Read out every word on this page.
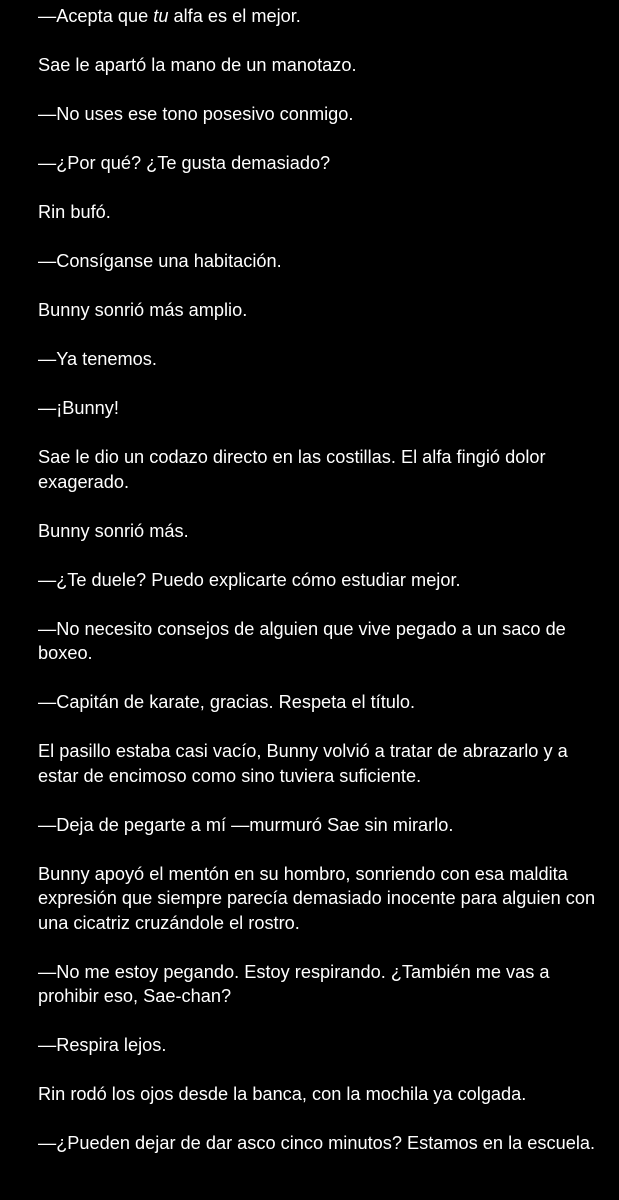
—Acepta que tu alfa es el mejor.

Sae le apartó la mano de un manotazo.

—No uses ese tono posesivo conmigo.

—¿Por qué? ¿Te gusta demasiado?

Rin bufó.

—Consíganse una habitación.

Bunny sonrió más amplio.

—Ya tenemos.

—¡Bunny!

Sae le dio un codazo directo en las costillas. El alfa fingió dolor exagerado.

Bunny sonrió más.

—¿Te duele? Puedo explicarte cómo estudiar mejor.

—No necesito consejos de alguien que vive pegado a un saco de boxeo.

—Capitán de karate, gracias. Respeta el título.

El pasillo estaba casi vacío, Bunny volvió a tratar de abrazarlo y a estar de encimoso como sino tuviera suficiente.

—Deja de pegarte a mí —murmuró Sae sin mirarlo.

Bunny apoyó el mentón en su hombro, sonriendo con esa maldita expresión que siempre parecía demasiado inocente para alguien con una cicatriz cruzándole el rostro.

—No me estoy pegando. Estoy respirando. ¿También me vas a prohibir eso, Sae-chan?

—Respira lejos.

Rin rodó los ojos desde la banca, con la mochila ya colgada.

—¿Pueden dejar de dar asco cinco minutos? Estamos en la escuela.
